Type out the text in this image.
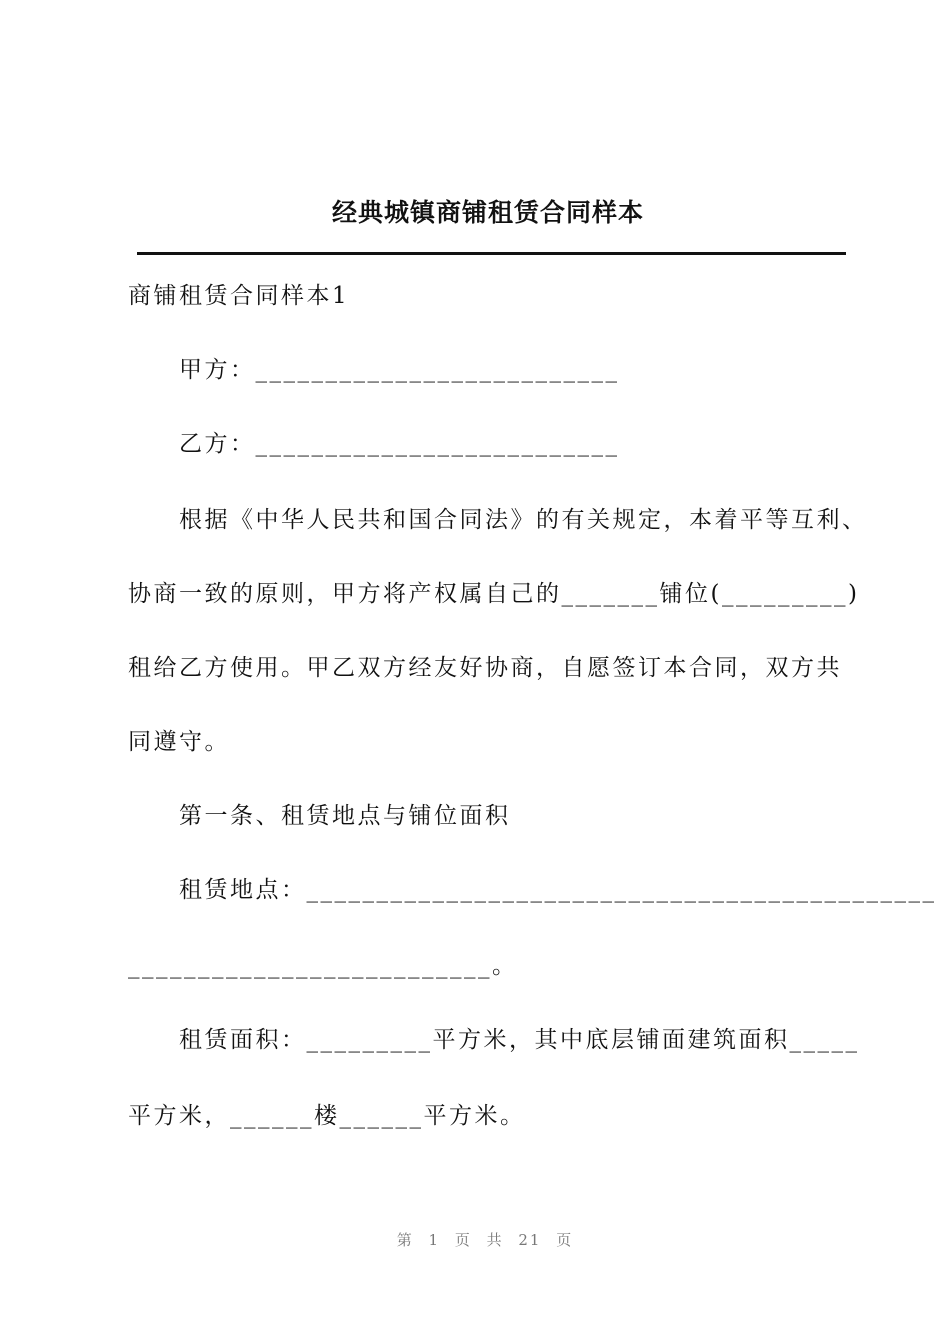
经典城镇商铺租赁合同样本
商铺租赁合同样本1
甲方：__________________________
乙方：__________________________
根据《中华人民共和国合同法》的有关规定，本着平等互利、
协商一致的原则，甲方将产权属自己的_______铺位(_________)
租给乙方使用。甲乙双方经友好协商，自愿签订本合同，双方共
同遵守。
第一条、租赁地点与铺位面积
租赁地点：_____________________________________________
__________________________。
租赁面积：_________平方米，其中底层铺面建筑面积_____
平方米，______楼______平方米。
第 1 页 共 21 页
